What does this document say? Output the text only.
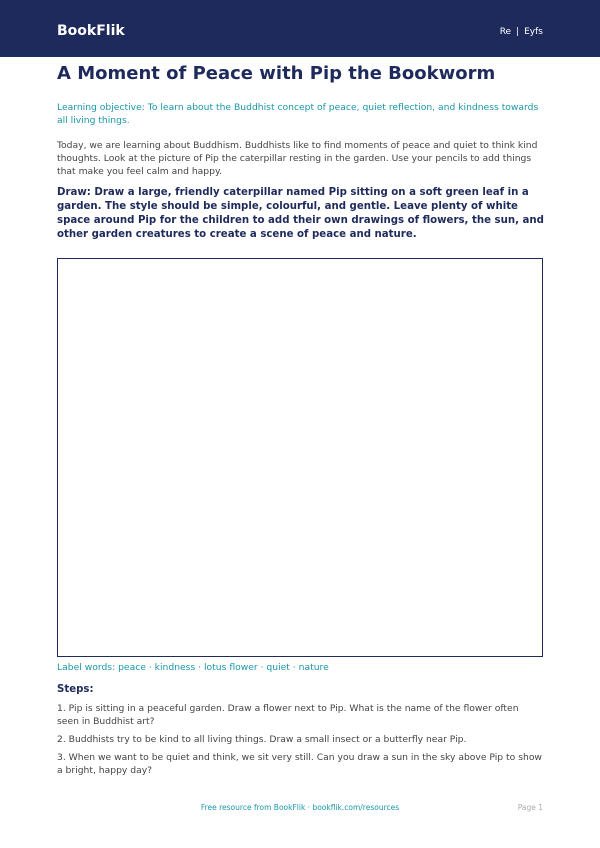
BookFlik	Re | Eyfs
A Moment of Peace with Pip the Bookworm

Learning objective: To learn about the Buddhist concept of peace, quiet reflection, and kindness towards all living things.

Today, we are learning about Buddhism. Buddhists like to find moments of peace and quiet to think kind thoughts. Look at the picture of Pip the caterpillar resting in the garden. Use your pencils to add things that make you feel calm and happy.

Draw: Draw a large, friendly caterpillar named Pip sitting on a soft green leaf in a garden. The style should be simple, colourful, and gentle. Leave plenty of white space around Pip for the children to add their own drawings of flowers, the sun, and other garden creatures to create a scene of peace and nature.

Label words: peace · kindness · lotus flower · quiet · nature
Steps:
1. Pip is sitting in a peaceful garden. Draw a flower next to Pip. What is the name of the flower often seen in Buddhist art?
2. Buddhists try to be kind to all living things. Draw a small insect or a butterfly near Pip.
3. When we want to be quiet and think, we sit very still. Can you draw a sun in the sky above Pip to show a bright, happy day?
Free resource from BookFlik · bookflik.com/resources	Page 1
